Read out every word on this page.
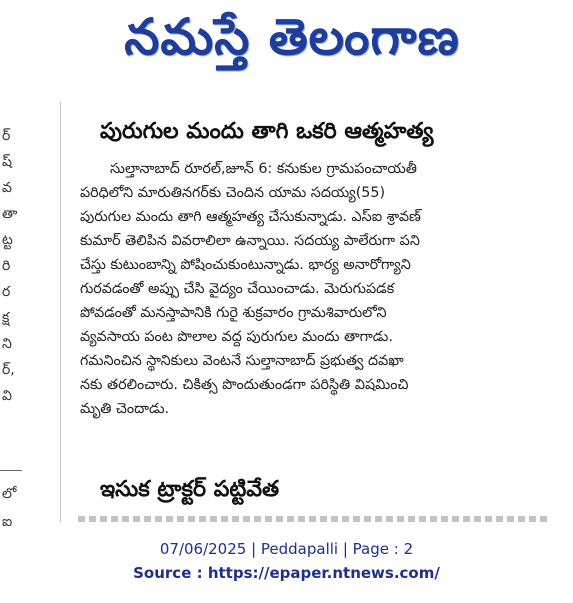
నమస్తే తెలంగాణ
ర్
ష్
వ
తా
ట్ట
రి
ర
క్ష
ని
ర్,
వి
లో
ఐ
పురుగుల మందు తాగి ఒకరి ఆత్మహత్య
సుల్తానాబాద్ రూరల్,జూన్ 6: కనుకుల గ్రామపంచాయతీ
పరిధిలోని మారుతినగర్‌కు చెందిన యామ సదయ్య(55)
పురుగుల మందు తాగి ఆత్మహత్య చేసుకున్నాడు. ఎస్ఐ శ్రావణ్
కుమార్ తెలిపిన వివరాలిలా ఉన్నాయి. సదయ్య పాలేరుగా పని
చేస్తు కుటుంబాన్ని పోషించుకుంటున్నాడు. భార్య అనారోగ్యాని
గురవడంతో అప్పు చేసి వైద్యం చేయించాడు. మెరుగుపడక
పోవడంతో మనస్తాపానికి గురై శుక్రవారం గ్రామశివారులోని
వ్యవసాయ పంట పొలాల వద్ద పురుగుల మందు తాగాడు.
గమనించిన స్థానికులు వెంటనే సుల్తానాబాద్ ప్రభుత్వ దవఖా
నకు తరలించారు. చికిత్స పొందుతుండగా పరిస్థితి విషమించి
మృతి చెందాడు.
ఇసుక ట్రాక్టర్ పట్టివేత
07/06/2025 | Peddapalli | Page : 2
Source : https://epaper.ntnews.com/
